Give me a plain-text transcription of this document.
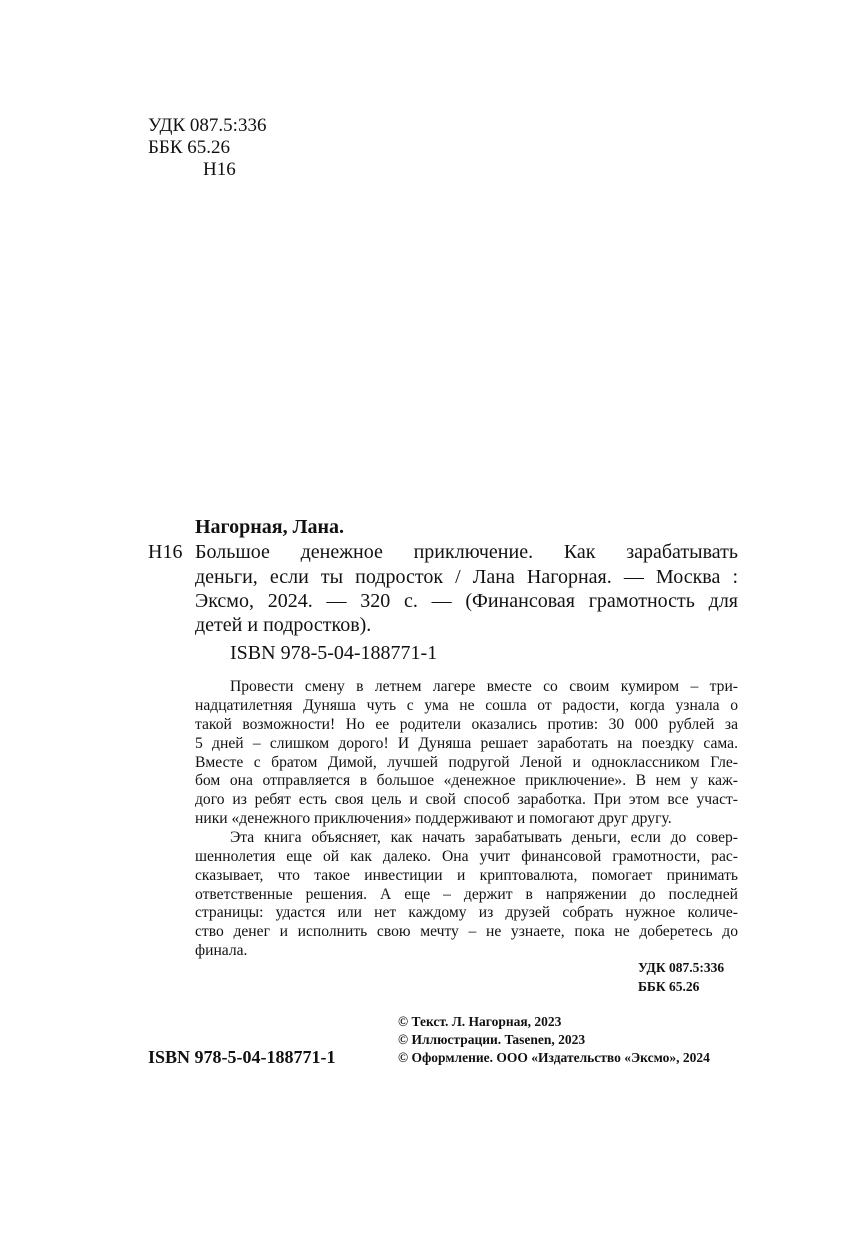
УДК 087.5:336
ББК 65.26
Н16
Нагорная, Лана.
Н16 Большое денежное приключение. Как зарабатывать
деньги, если ты подросток / Лана Нагорная. — Москва :
Эксмо, 2024. — 320 с. — (Финансовая грамотность для
детей и подростков).
ISBN 978-5-04-188771-1
Провести смену в летнем лагере вместе со своим кумиром – три-
надцатилетняя Дуняша чуть с ума не сошла от радости, когда узнала о
такой возможности! Но ее родители оказались против: 30 000 рублей за
5 дней – слишком дорого! И Дуняша решает заработать на поездку сама.
Вместе с братом Димой, лучшей подругой Леной и одноклассником Гле-
бом она отправляется в большое «денежное приключение». В нем у каж-
дого из ребят есть своя цель и свой способ заработка. При этом все участ-
ники «денежного приключения» поддерживают и помогают друг другу.
Эта книга объясняет, как начать зарабатывать деньги, если до совер-
шеннолетия еще ой как далеко. Она учит финансовой грамотности, рас-
сказывает, что такое инвестиции и криптовалюта, помогает принимать
ответственные решения. А еще – держит в напряжении до последней
страницы: удастся или нет каждому из друзей собрать нужное количе-
ство денег и исполнить свою мечту – не узнаете, пока не доберетесь до
финала.
УДК 087.5:336
ББК 65.26
© Текст. Л. Нагорная, 2023
© Иллюстрации. Tasenen, 2023
© Оформление. ООО «Издательство «Эксмо», 2024
ISBN 978-5-04-188771-1
